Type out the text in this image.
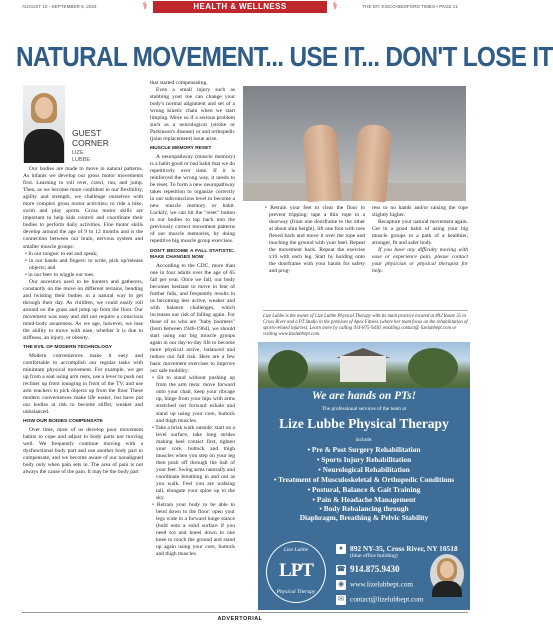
AUGUST 10 - SEPTEMBER 6, 2023	⚕	HEALTH & WELLNESS	⚕	THE MT. KISCO-BEDFORD TIMES • PAGE 21
NATURAL MOVEMENT... USE IT... DON'T LOSE IT
GUEST
CORNER
LIZE
LUBBE

Our bodies are made to move in natural patterns. As infants we develop our gross motor movements first. Learning to roll over, crawl, run, and jump. Then, as we become more confident in our flexibility, agility and strength, we challenge ourselves with more complex gross motor activities; to ride a bike, swim and play sports. Gross motor skills are important to help kids control and coordinate their bodies to perform daily activities. Fine motor skills develop around the age of 9 to 12 months and is the connection between our brain, nervous system and smaller muscle groups:

• In our tongue: to eat and speak;
• in our hands and fingers: to write, pick up/release objects; and
• in our feet: to wiggle our toes.

Our ancestors used to be hunters and gatherers, constantly on the move on different terrains, bending and twisting their bodies in a natural way to get through their day. As children, we could easily roll around on the grass and jump up from the floor. Our movement was easy and did not require a conscious mind-body awareness. As we age, however, we lose the ability to move with ease, whether it is due to stiffness, an injury, or obesity.

THE EVIL OF MODERN TECHNOLOGY

Modern conveniences make it easy and comfortable to accomplish our regular tasks with minimum physical movement. For example, we get up from a seat using arm rests, use a lever to push out recliner up from lounging in front of the TV, and use arm reachers to pick objects up from the floor These modern conveniences make life easier, but have put our bodies at risk to become stiffer, weaker and unbalanced.

HOW OUR BODIES COMPENSATE

Over time, most of us develop poor movement habits to cope and adjust to body parts not moving well. We frequently continue moving with a dysfunctional body part and use another body part to compensate, and we become aware of our nonaligned body only when pain sets in. The area of pain is not always the cause of the pain. It may be the body part

that started compensating.

Even a small injury such as stubbing your toe can change your body's normal alignment and set of a wrong kinetic chain when we start limping. More so if a serious problem such as a neurological (stroke or Parkinson's disease) or and orthopedic (joint replacement) issue arise.

MUSCLE MEMORY RESET

A neuropathway (muscle memory) is a habit good or bad habit that we do repetitively over time. If it is reinforced the wrong way, it needs to be reset. To form a new neuropathway takes repetition to organize correctly in our subconscious level to become a new muscle memory or habit. Luckily, we can hit the "reset" button in our bodies to tap back into the previously correct movement patterns of our muscle memories, by doing repetitive big muscle group exercises.

DON'T BECOME A FALL STATISTIC. MAKE CHANGES NOW

According to the CDC, more than one in four adults over the age of 65 fall per year. Once we fall, our body becomes hesitant to move in fear of further falls, and frequently results in us becoming less active, weaker and with balance challenges, which increases our risk of falling again. For those of us who are "baby boomers" (born between 1946-1964), we should start using our big muscle groups again in our day-to-day life to become more physical active, balanced and reduce our fall risk. Here are a few basic movement exercises to improve our safe mobility:

• Sit to stand without pushing up from the arm rests: move forward onto your chair, keep your ribcage up, hinge from your hips with arms stretched out forward exhale and stand up using your core, buttock and thigh muscles.
• Take a brisk walk outside: start on a level surface, take long strides making heel contact first, tighten your core, buttock and thigh muscles when you step on your leg then push off through the ball of your feet. Swing arms naturally and coordinate breathing in and out as you walk. Feel you are walking tall, elongate your spine up to the sky.
• Retrain your body to be able to bend down to the floor: open your legs wide in a forward lunge stance (hold onto a solid surface if you need to) and kneel down to one knee to touch the ground and stand up again using your core, buttock and thigh muscles.
• Retrain your feet to clear the floor to prevent tripping: tape a thin rope in a doorway (from one doorframe to the other at about shin height), lift one foot with toes flexed back and move it over the rope and touching the ground with your heel. Repeat the movement back. Repeat the exercise x10 with each leg. Start by holding onto the doorframe with your hands for safety and prog-

ress to no hands and/or raising the rope slightly higher.

Recapture your natural movement again. Get in a good habit of using your big muscle groups to a path of a healthier, stronger, fit and safer body.

If you have any difficulty moving with ease or experience pain, please contact your physician or physical therapist for help.

Lize Lubbe is the owner of Lize Lubbe Physical Therapy with its main practice located at 892 Route 35 in Cross River and a PT Studio in the premises of Apex Fitness (where her team focus on the rehabilitation of sports-related injuries). Learn more by calling 914-875-9430, emailing contact@ lizelubbept.com or visiting www.lizelubbept.com.
We are hands on PTs!
The professional services of the team at
Lize Lubbe Physical Therapy
include:
• Pre & Post Surgery Rehabilitation
• Sports Injury Rehabilitation
• Neurological Rehabilitation
• Treatment of Musculoskeletal & Orthopedic Conditions
• Postural, Balance & Gait Training
• Pain & Headache Management
• Body Rebalancing through
Diaphragm, Breathing & Pelvic Stability
Lize Lubbe
LPT
Physical Therapy
● 892 NY-35, Cross River, NY 10518
(blue office building)
☎ 914.875.9430
◉ www.lizelubbept.com
✉ contact@lizelubbept.com
ADVERTORIAL
